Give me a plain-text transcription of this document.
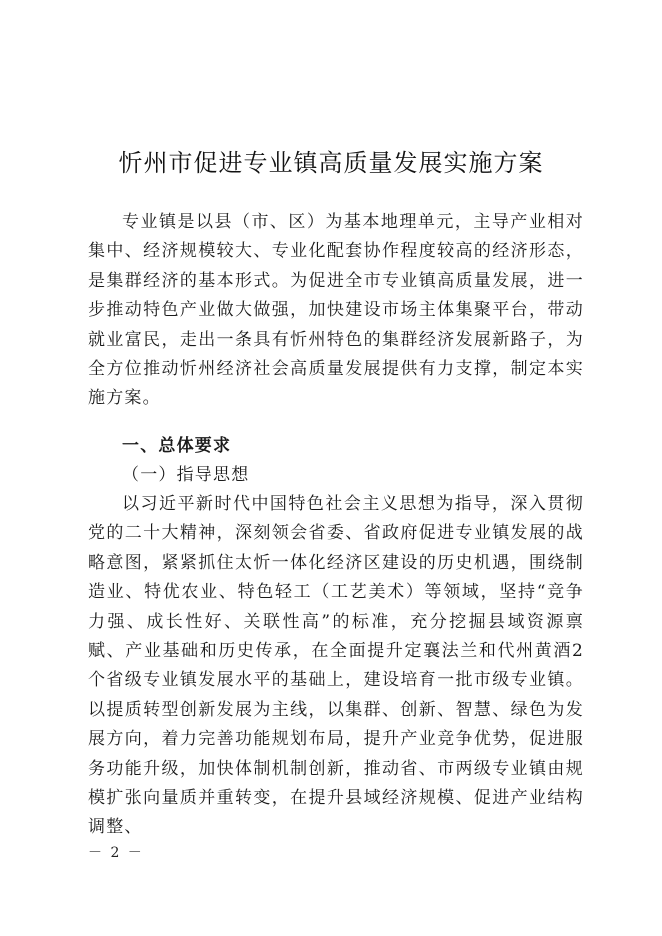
忻州市促进专业镇高质量发展实施方案
专业镇是以县（市、区）为基本地理单元，主导产业相对集中、经济规模较大、专业化配套协作程度较高的经济形态，是集群经济的基本形式。为促进全市专业镇高质量发展，进一步推动特色产业做大做强，加快建设市场主体集聚平台，带动就业富民，走出一条具有忻州特色的集群经济发展新路子，为全方位推动忻州经济社会高质量发展提供有力支撑，制定本实施方案。
一、总体要求
（一）指导思想
以习近平新时代中国特色社会主义思想为指导，深入贯彻党的二十大精神，深刻领会省委、省政府促进专业镇发展的战略意图，紧紧抓住太忻一体化经济区建设的历史机遇，围绕制造业、特优农业、特色轻工（工艺美术）等领域，坚持“竞争力强、成长性好、关联性高”的标准，充分挖掘县域资源禀赋、产业基础和历史传承，在全面提升定襄法兰和代州黄酒2个省级专业镇发展水平的基础上，建设培育一批市级专业镇。以提质转型创新发展为主线，以集群、创新、智慧、绿色为发展方向，着力完善功能规划布局，提升产业竞争优势，促进服务功能升级，加快体制机制创新，推动省、市两级专业镇由规模扩张向量质并重转变，在提升县域经济规模、促进产业结构调整、
－ 2 －
